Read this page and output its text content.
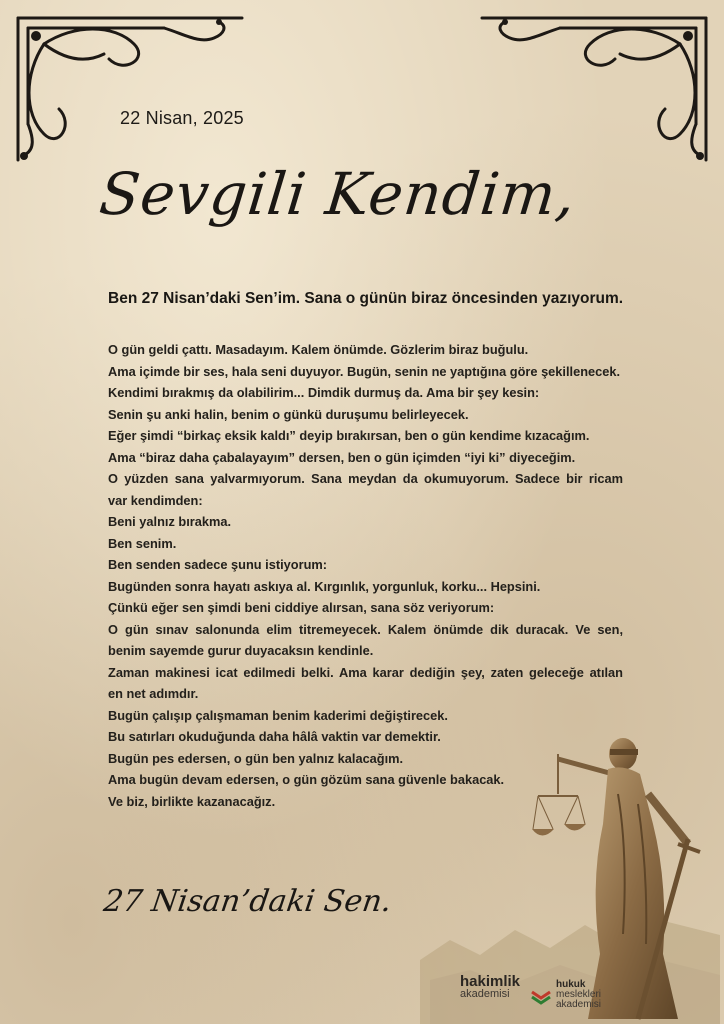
22 Nisan, 2025
Sevgili Kendim,
Ben 27 Nisan’daki Sen’im. Sana o günün biraz öncesinden yazıyorum.
O gün geldi çattı. Masadayım. Kalem önümde. Gözlerim biraz buğulu.
Ama içimde bir ses, hala seni duyuyor. Bugün, senin ne yaptığına göre şekillenecek.
Kendimi bırakmış da olabilirim... Dimdik durmuş da. Ama bir şey kesin:
Senin şu anki halin, benim o günkü duruşumu belirleyecek.
Eğer şimdi “birkaç eksik kaldı” deyip bırakırsan, ben o gün kendime kızacağım.
Ama “biraz daha çabalayayım” dersen, ben o gün içimden “iyi ki” diyeceğim.
O yüzden sana yalvarmıyorum. Sana meydan da okumuyorum. Sadece bir ricam
var kendimden:
Beni yalnız bırakma.
Ben senim.
Ben senden sadece şunu istiyorum:
Bugünden sonra hayatı askıya al. Kırgınlık, yorgunluk, korku... Hepsini.
Çünkü eğer sen şimdi beni ciddiye alırsan, sana söz veriyorum:
O gün sınav salonunda elim titremeyecek. Kalem önümde dik duracak. Ve sen,
benim sayemde gurur duyacaksın kendinle.
Zaman makinesi icat edilmedi belki. Ama karar dediğin şey, zaten geleceğe atılan
en net adımdır.
Bugün çalışıp çalışmaman benim kaderimi değiştirecek.
Bu satırları okuduğunda daha hâlâ vaktin var demektir.
Bugün pes edersen, o gün ben yalnız kalacağım.
Ama bugün devam edersen, o gün gözüm sana güvenle bakacak.
Ve biz, birlikte kazanacağız.
27 Nisan’daki Sen.
hakimlik
akademisi
hukuk
meslekleri
akademisi
